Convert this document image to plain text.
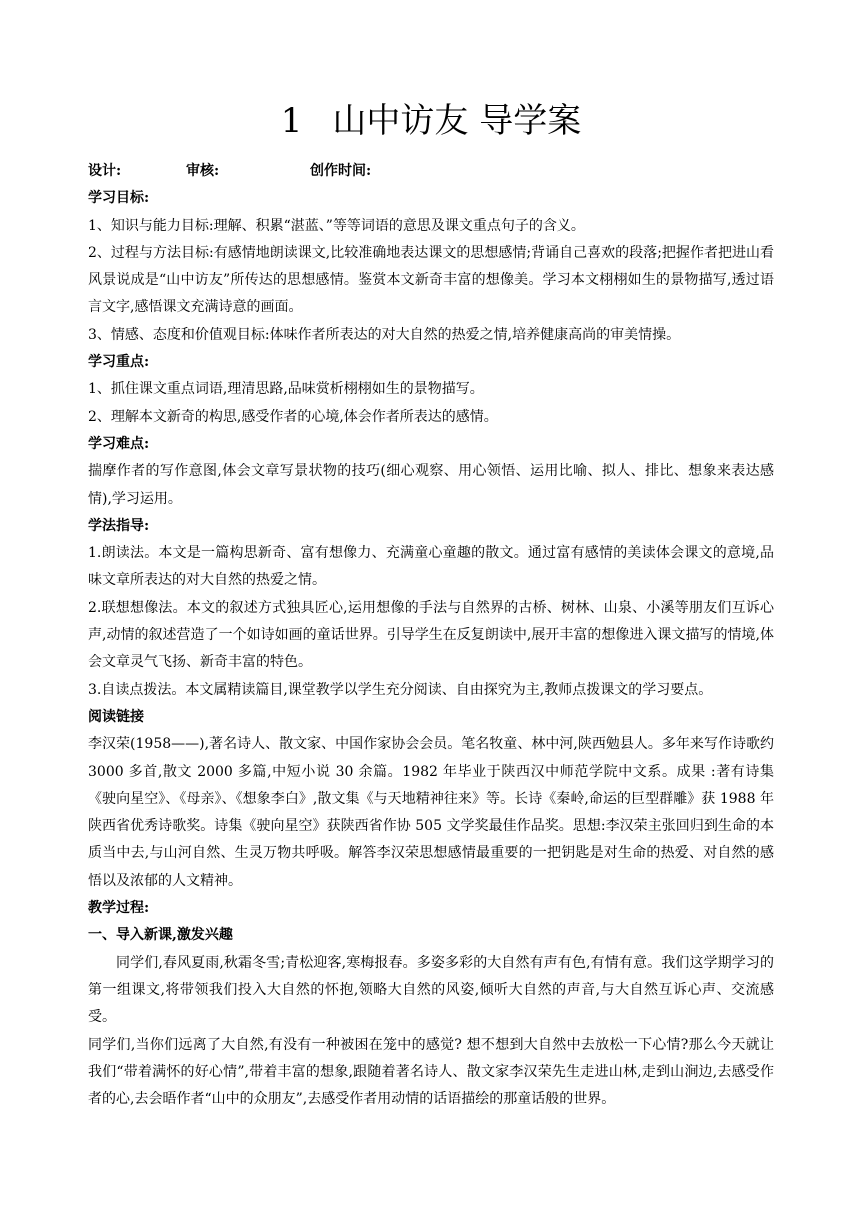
1 山中访友 导学案

设计:	审核:	创作时间:

学习目标:

1、知识与能力目标:理解、积累“湛蓝、”等等词语的意思及课文重点句子的含义。

2、过程与方法目标:有感情地朗读课文,比较准确地表达课文的思想感情;背诵自己喜欢的段落;把握作者把进山看风景说成是“山中访友”所传达的思想感情。鉴赏本文新奇丰富的想像美。学习本文栩栩如生的景物描写,透过语言文字,感悟课文充满诗意的画面。

3、情感、态度和价值观目标:体味作者所表达的对大自然的热爱之情,培养健康高尚的审美情操。

学习重点:

1、抓住课文重点词语,理清思路,品味赏析栩栩如生的景物描写。

2、理解本文新奇的构思,感受作者的心境,体会作者所表达的感情。

学习难点:

揣摩作者的写作意图,体会文章写景状物的技巧(细心观察、用心领悟、运用比喻、拟人、排比、想象来表达感情),学习运用。

学法指导:

1.朗读法。本文是一篇构思新奇、富有想像力、充满童心童趣的散文。通过富有感情的美读体会课文的意境,品味文章所表达的对大自然的热爱之情。

2.联想想像法。本文的叙述方式独具匠心,运用想像的手法与自然界的古桥、树林、山泉、小溪等朋友们互诉心声,动情的叙述营造了一个如诗如画的童话世界。引导学生在反复朗读中,展开丰富的想像进入课文描写的情境,体会文章灵气飞扬、新奇丰富的特色。

3.自读点拨法。本文属精读篇目,课堂教学以学生充分阅读、自由探究为主,教师点拨课文的学习要点。

阅读链接

李汉荣(1958——),著名诗人、散文家、中国作家协会会员。笔名牧童、林中河,陕西勉县人。多年来写作诗歌约 3000 多首,散文 2000 多篇,中短小说 30 余篇。1982 年毕业于陕西汉中师范学院中文系。成果 :著有诗集《驶向星空》、《母亲》、《想象李白》,散文集《与天地精神往来》等。长诗《秦岭,命运的巨型群雕》获 1988 年陕西省优秀诗歌奖。诗集《驶向星空》获陕西省作协 505 文学奖最佳作品奖。思想:李汉荣主张回归到生命的本质当中去,与山河自然、生灵万物共呼吸。解答李汉荣思想感情最重要的一把钥匙是对生命的热爱、对自然的感悟以及浓郁的人文精神。

教学过程:

一、导入新课,激发兴趣

同学们,春风夏雨,秋霜冬雪;青松迎客,寒梅报春。多姿多彩的大自然有声有色,有情有意。我们这学期学习的第一组课文,将带领我们投入大自然的怀抱,领略大自然的风姿,倾听大自然的声音,与大自然互诉心声、交流感受。

同学们,当你们远离了大自然,有没有一种被困在笼中的感觉? 想不想到大自然中去放松一下心情?那么今天就让我们“带着满怀的好心情”,带着丰富的想象,跟随着著名诗人、散文家李汉荣先生走进山林,走到山涧边,去感受作者的心,去会晤作者“山中的众朋友”,去感受作者用动情的话语描绘的那童话般的世界。
